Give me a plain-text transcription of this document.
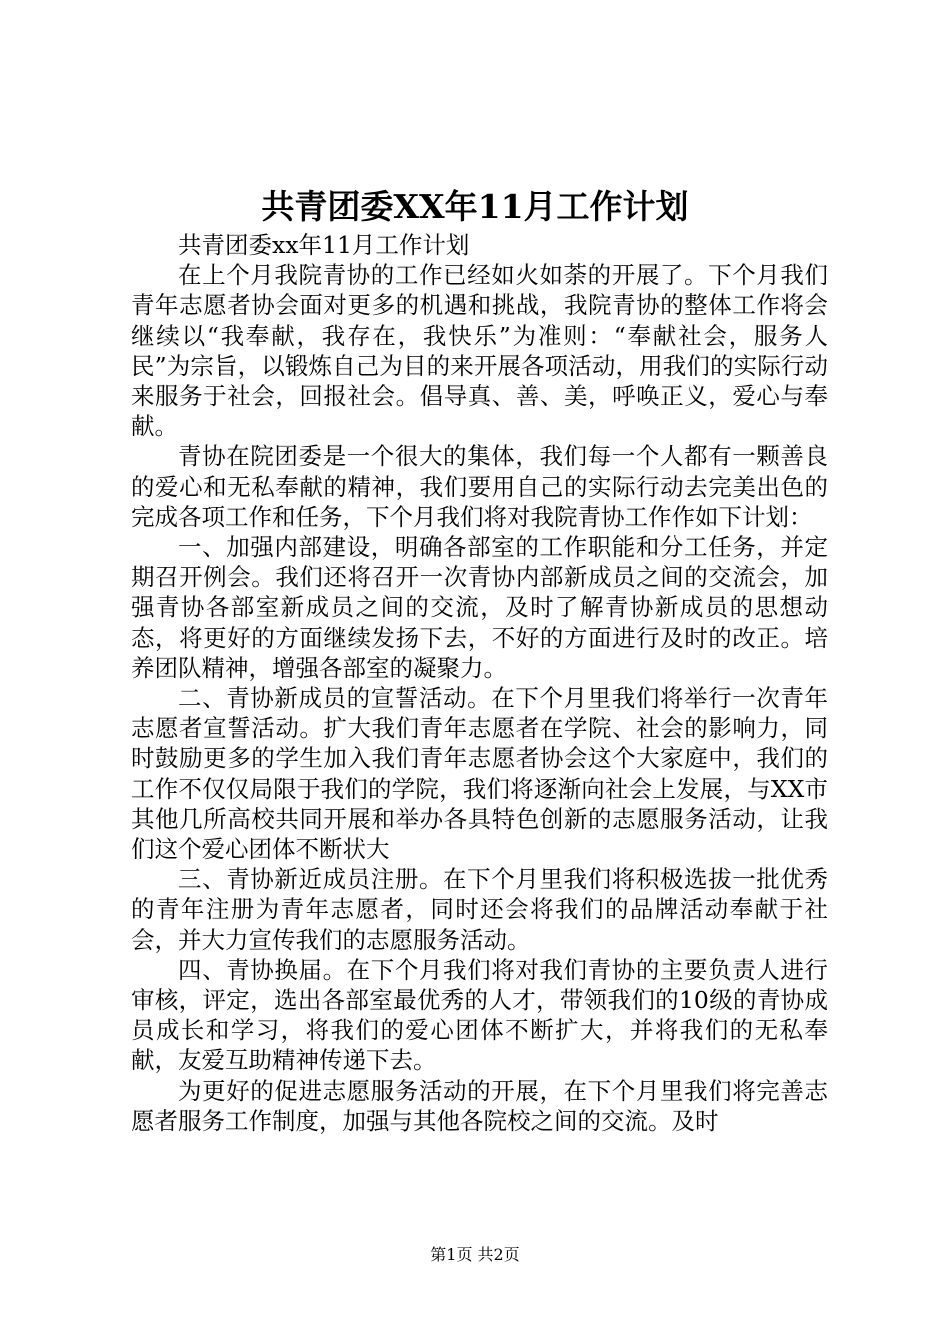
共青团委XX年11月工作计划

共青团委xx年11月工作计划

在上个月我院青协的工作已经如火如荼的开展了。下个月我们青年志愿者协会面对更多的机遇和挑战，我院青协的整体工作将会继续以“我奉献，我存在，我快乐”为准则：“奉献社会，服务人民”为宗旨，以锻炼自己为目的来开展各项活动，用我们的实际行动来服务于社会，回报社会。倡导真、善、美，呼唤正义，爱心与奉献。

青协在院团委是一个很大的集体，我们每一个人都有一颗善良的爱心和无私奉献的精神，我们要用自己的实际行动去完美出色的完成各项工作和任务，下个月我们将对我院青协工作作如下计划：

一、加强内部建设，明确各部室的工作职能和分工任务，并定期召开例会。我们还将召开一次青协内部新成员之间的交流会，加强青协各部室新成员之间的交流，及时了解青协新成员的思想动态，将更好的方面继续发扬下去，不好的方面进行及时的改正。培养团队精神，增强各部室的凝聚力。

二、青协新成员的宣誓活动。在下个月里我们将举行一次青年志愿者宣誓活动。扩大我们青年志愿者在学院、社会的影响力，同时鼓励更多的学生加入我们青年志愿者协会这个大家庭中，我们的工作不仅仅局限于我们的学院，我们将逐渐向社会上发展，与XX市其他几所高校共同开展和举办各具特色创新的志愿服务活动，让我们这个爱心团体不断状大

三、青协新近成员注册。在下个月里我们将积极选拔一批优秀的青年注册为青年志愿者，同时还会将我们的品牌活动奉献于社会，并大力宣传我们的志愿服务活动。

四、青协换届。在下个月我们将对我们青协的主要负责人进行审核，评定，选出各部室最优秀的人才，带领我们的10级的青协成员成长和学习，将我们的爱心团体不断扩大，并将我们的无私奉献，友爱互助精神传递下去。

为更好的促进志愿服务活动的开展，在下个月里我们将完善志愿者服务工作制度，加强与其他各院校之间的交流。及时

第1页 共2页
